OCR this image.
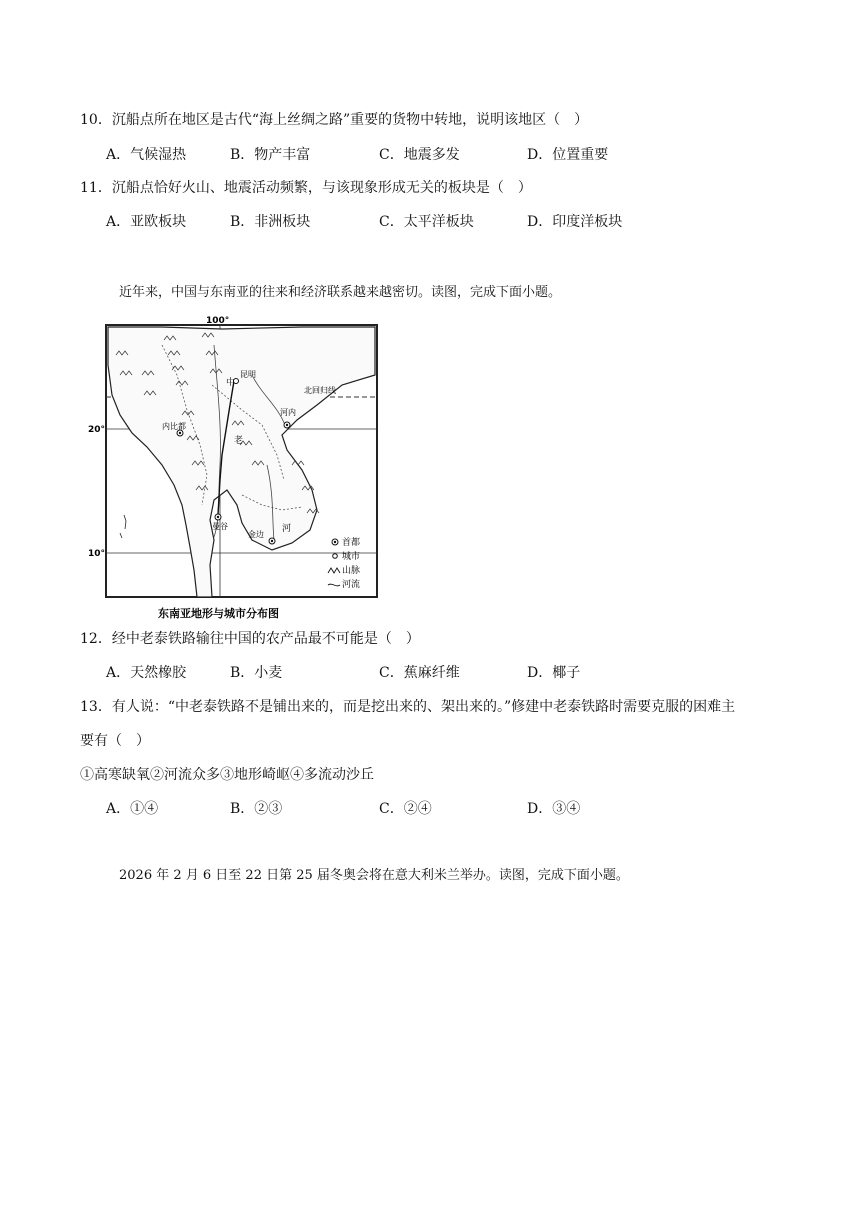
10．沉船点所在地区是古代“海上丝绸之路”重要的货物中转地，说明该地区（　）
A．气候湿热	B．物产丰富	C．地震多发	D．位置重要
11．沉船点恰好火山、地震活动频繁，与该现象形成无关的板块是（　）
A．亚欧板块	B．非洲板块	C．太平洋板块	D．印度洋板块
近年来，中国与东南亚的往来和经济联系越来越密切。读图，完成下面小题。
100°
20°
10°
北回归线
昆明
中
河内
内比都
老
曼谷
金边
河
首都
城市
山脉
河流
东南亚地形与城市分布图
12．经中老泰铁路输往中国的农产品最不可能是（　）
A．天然橡胶	B．小麦	C．蕉麻纤维	D．椰子
13．有人说：“中老泰铁路不是铺出来的，而是挖出来的、架出来的。”修建中老泰铁路时需要克服的困难主
要有（　）
①高寒缺氧②河流众多③地形崎岖④多流动沙丘
A．①④	B．②③	C．②④	D．③④
2026 年 2 月 6 日至 22 日第 25 届冬奥会将在意大利米兰举办。读图，完成下面小题。
